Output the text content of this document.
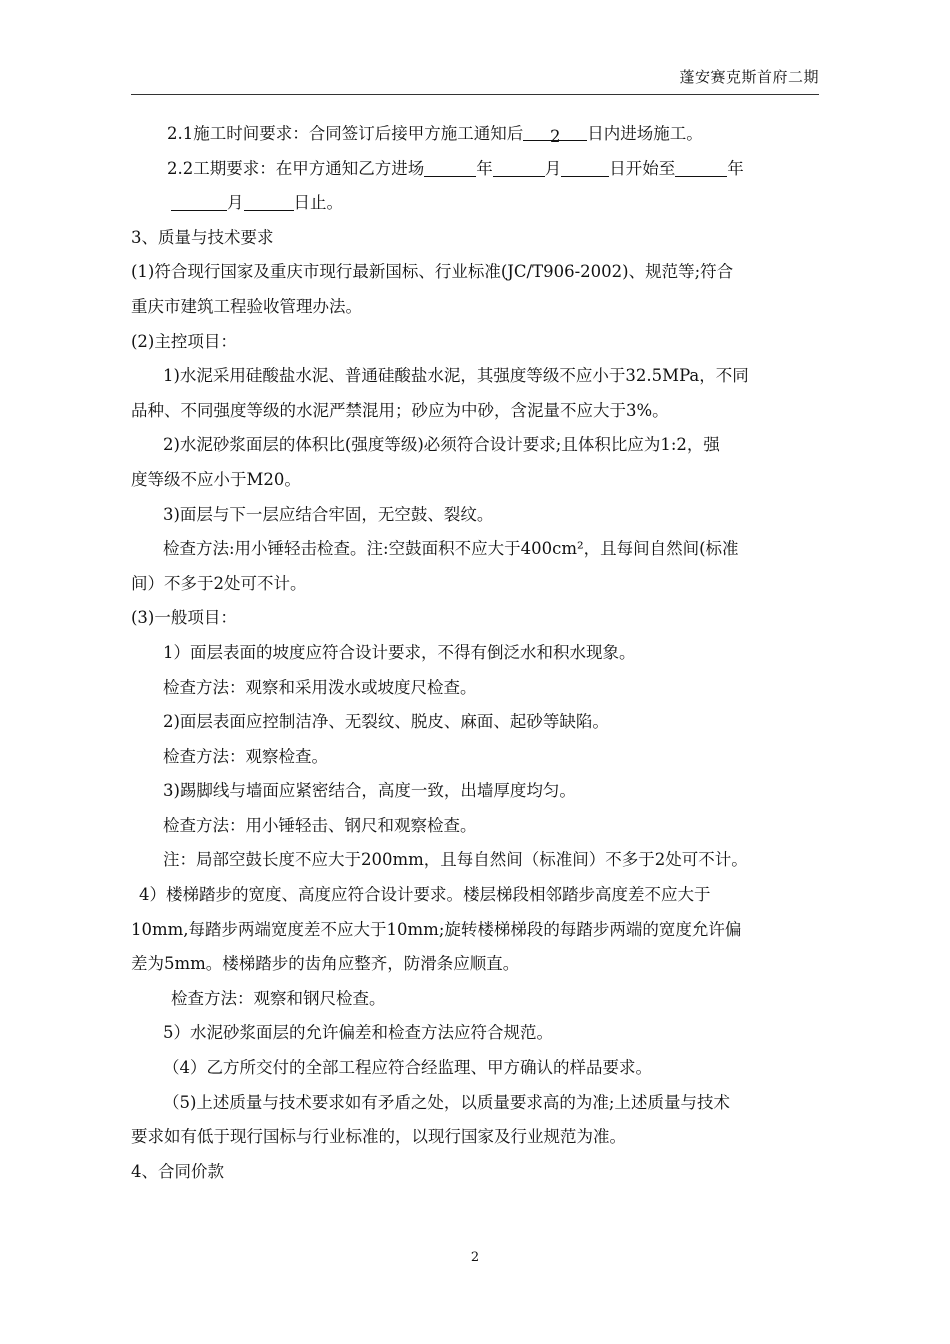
蓬安赛克斯首府二期
2.1施工时间要求：合同签订后接甲方施工通知后 2 日内进场施工。
2.2工期要求：在甲方通知乙方进场	年	月	日开始至	年
月	日止。
3、质量与技术要求
(1)符合现行国家及重庆市现行最新国标、行业标准(JC/T906-2002)、规范等;符合
重庆市建筑工程验收管理办法。
(2)主控项目：
1)水泥采用硅酸盐水泥、普通硅酸盐水泥，其强度等级不应小于32.5MPa，不同
品种、不同强度等级的水泥严禁混用；砂应为中砂，含泥量不应大于3%。
2)水泥砂浆面层的体积比(强度等级)必须符合设计要求;且体积比应为1:2，强
度等级不应小于M20。
3)面层与下一层应结合牢固，无空鼓、裂纹。
检查方法:用小锤轻击检查。注:空鼓面积不应大于400cm²，且每间自然间(标准
间）不多于2处可不计。
(3)一般项目：
1）面层表面的坡度应符合设计要求，不得有倒泛水和积水现象。
检查方法：观察和采用泼水或坡度尺检查。
2)面层表面应控制洁净、无裂纹、脱皮、麻面、起砂等缺陷。
检查方法：观察检查。
3)踢脚线与墙面应紧密结合，高度一致，出墙厚度均匀。
检查方法：用小锤轻击、钢尺和观察检查。
注：局部空鼓长度不应大于200mm，且每自然间（标准间）不多于2处可不计。
4）楼梯踏步的宽度、高度应符合设计要求。楼层梯段相邻踏步高度差不应大于
10mm,每踏步两端宽度差不应大于10mm;旋转楼梯梯段的每踏步两端的宽度允许偏
差为5mm。楼梯踏步的齿角应整齐，防滑条应顺直。
检查方法：观察和钢尺检查。
5）水泥砂浆面层的允许偏差和检查方法应符合规范。
（4）乙方所交付的全部工程应符合经监理、甲方确认的样品要求。
（5)上述质量与技术要求如有矛盾之处，以质量要求高的为准;上述质量与技术
要求如有低于现行国标与行业标准的，以现行国家及行业规范为准。
4、合同价款
2
